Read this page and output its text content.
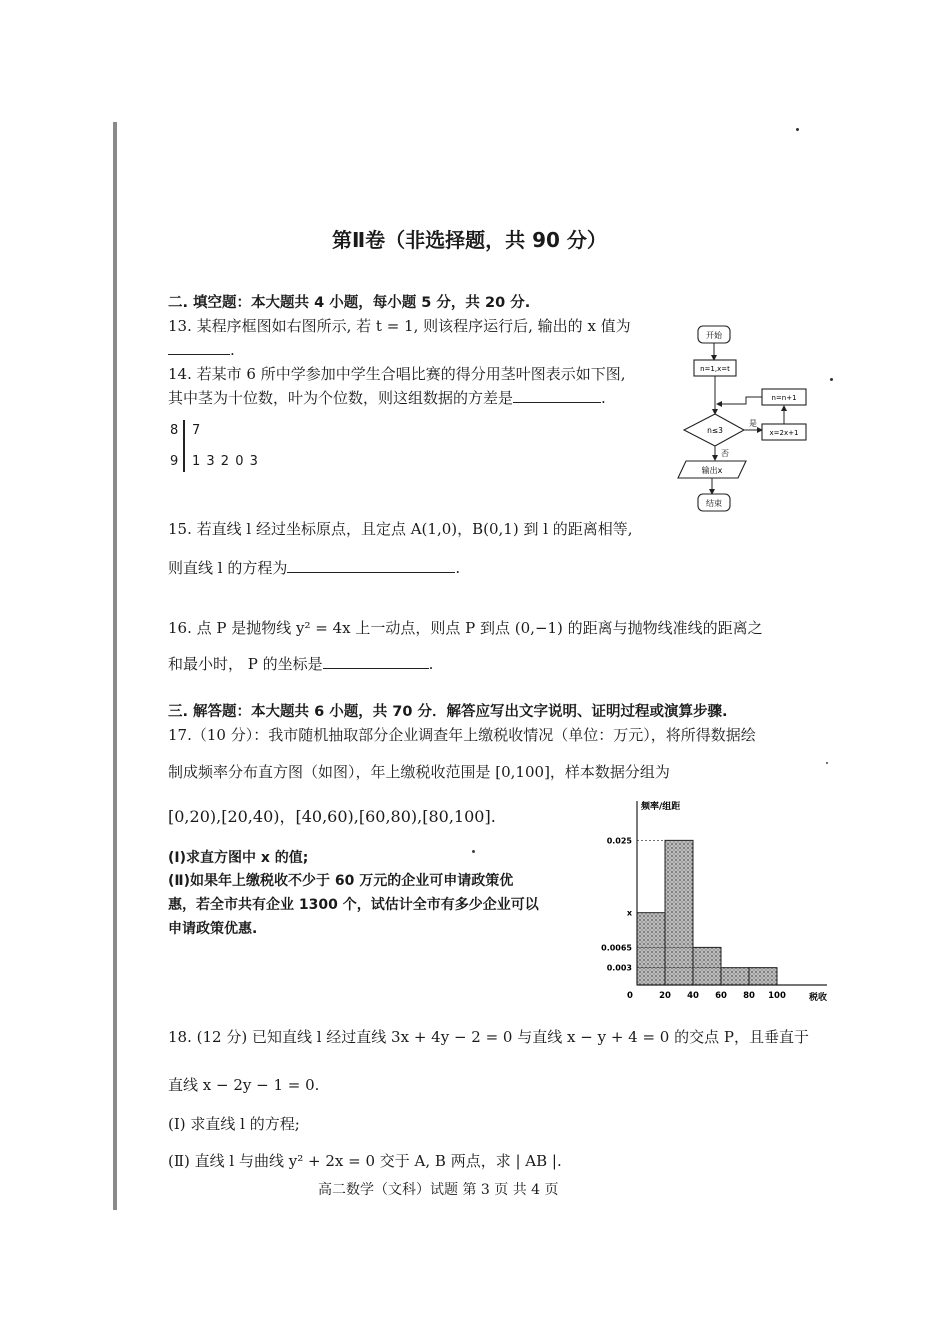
第Ⅱ卷（非选择题，共 90 分）
二. 填空题：本大题共 4 小题，每小题 5 分，共 20 分.
13. 某程序框图如右图所示, 若 t = 1, 则该程序运行后, 输出的 x 值为
.
14. 若某市 6 所中学参加中学生合唱比赛的得分用茎叶图表示如下图,
其中茎为十位数，叶为个位数，则这组数据的方差是	.
8 7
9 1 3 2 0 3
开始
n=1,x=t
n≤3
是
x=2x+1
n=n+1
否
输出x
结束
15. 若直线 l 经过坐标原点，且定点 A(1,0)，B(0,1) 到 l 的距离相等,
则直线 l 的方程为	.
16. 点 P 是抛物线 y² = 4x 上一动点，则点 P 到点 (0,−1) 的距离与抛物线准线的距离之
和最小时， P 的坐标是	.
三. 解答题：本大题共 6 小题，共 70 分．解答应写出文字说明、证明过程或演算步骤.
17.（10 分）：我市随机抽取部分企业调查年上缴税收情况（单位：万元），将所得数据绘
制成频率分布直方图（如图），年上缴税收范围是 [0,100]，样本数据分组为
[0,20),[20,40)，[40,60),[60,80),[80,100].
(Ⅰ)求直方图中 x 的值;
(Ⅱ)如果年上缴税收不少于 60 万元的企业可申请政策优
惠，若全市共有企业 1300 个，试估计全市有多少企业可以
申请政策优惠.
0.025
x
0.0065
0.003
0	20 40 60 80 100
频率/组距
税收
18. (12 分) 已知直线 l 经过直线 3x + 4y − 2 = 0 与直线 x − y + 4 = 0 的交点 P，且垂直于
直线 x − 2y − 1 = 0.
(Ⅰ) 求直线 l 的方程;
(Ⅱ) 直线 l 与曲线 y² + 2x = 0 交于 A, B 两点，求 | AB |.
高二数学（文科）试题 第 3 页 共 4 页
